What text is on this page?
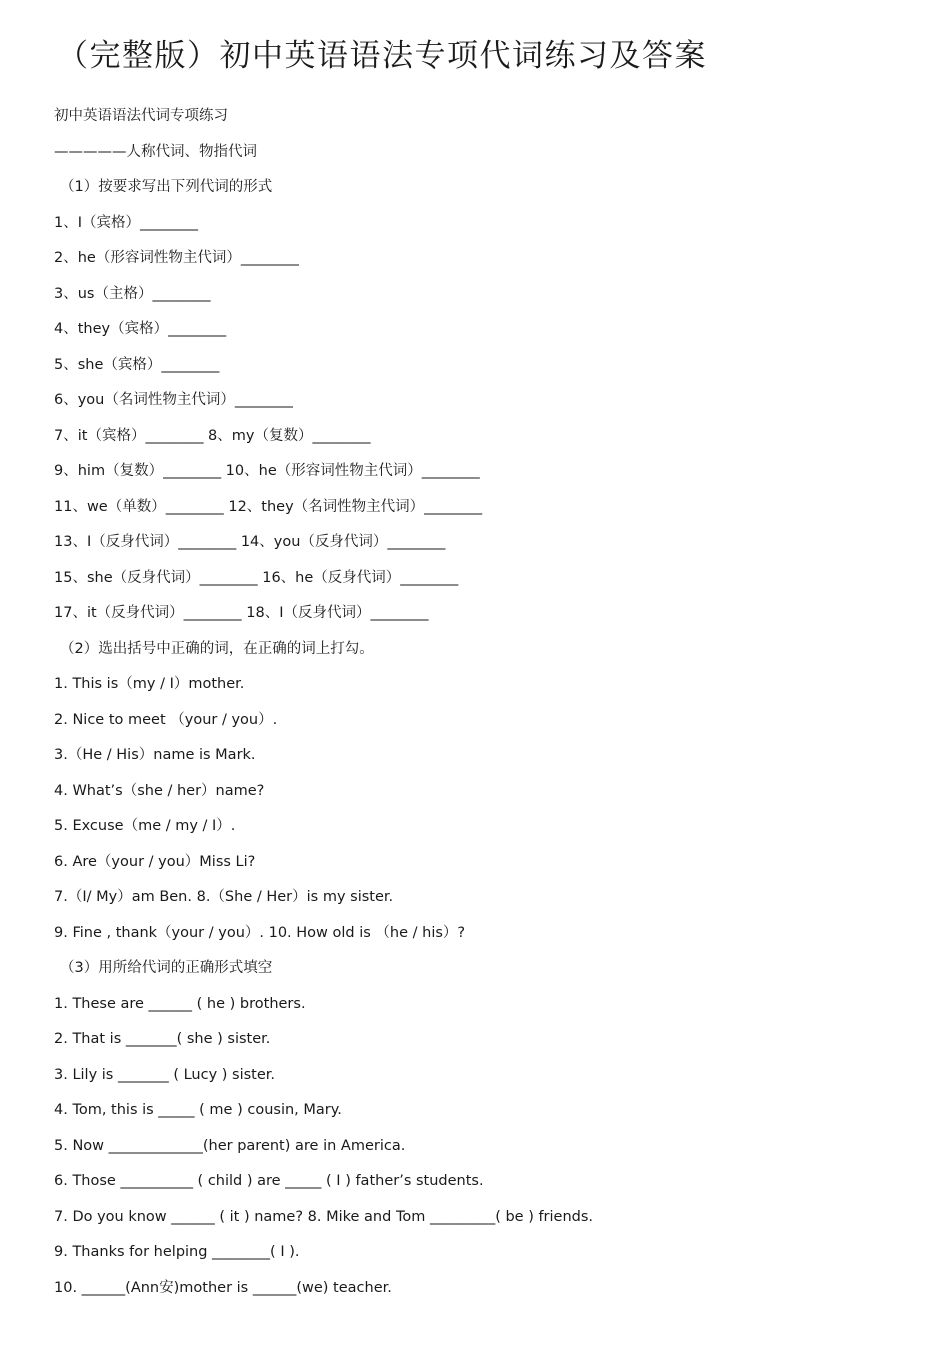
（完整版）初中英语语法专项代词练习及答案
初中英语语法代词专项练习
—————人称代词、物指代词
（1）按要求写出下列代词的形式
1、I（宾格）________
2、he（形容词性物主代词）________
3、us（主格）________
4、they（宾格）________
5、she（宾格）________
6、you（名词性物主代词）________
7、it（宾格）________ 8、my（复数）________
9、him（复数）________ 10、he（形容词性物主代词）________
11、we（单数）________ 12、they（名词性物主代词）________
13、I（反身代词）________ 14、you（反身代词）________
15、she（反身代词）________ 16、he（反身代词）________
17、it（反身代词）________ 18、I（反身代词）________
（2）选出括号中正确的词，在正确的词上打勾。
1. This is（my / I）mother.
2. Nice to meet （your / you）.
3.（He / His）name is Mark.
4. What’s（she / her）name?
5. Excuse（me / my / I）.
6. Are（your / you）Miss Li?
7.（I/ My）am Ben. 8.（She / Her）is my sister.
9. Fine , thank（your / you）. 10. How old is （he / his）?
（3）用所给代词的正确形式填空
1. These are ______ ( he ) brothers.
2. That is _______( she ) sister.
3. Lily is _______ ( Lucy ) sister.
4. Tom, this is _____ ( me ) cousin, Mary.
5. Now _____________(her parent) are in America.
6. Those __________ ( child ) are _____ ( I ) father’s students.
7. Do you know ______ ( it ) name? 8. Mike and Tom _________( be ) friends.
9. Thanks for helping ________( I ).
10. ______(Ann安)mother is ______(we) teacher.
